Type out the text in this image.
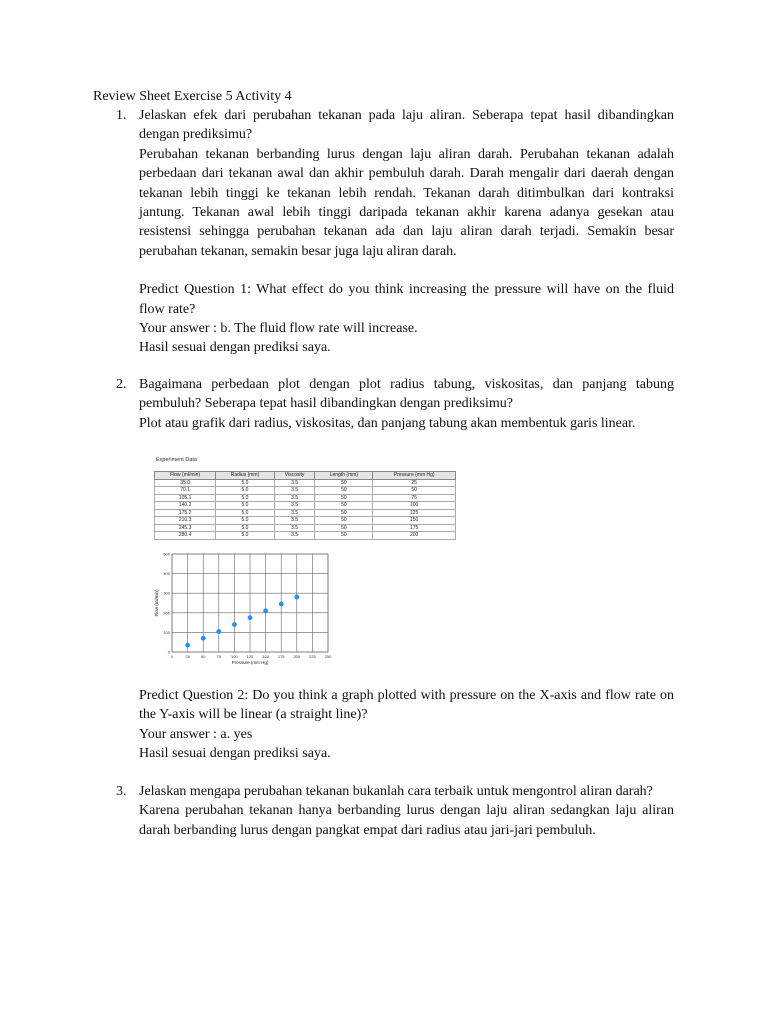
Review Sheet Exercise 5 Activity 4
1. Jelaskan efek dari perubahan tekanan pada laju aliran. Seberapa tepat hasil dibandingkan dengan prediksimu?

Perubahan tekanan berbanding lurus dengan laju aliran darah. Perubahan tekanan adalah perbedaan dari tekanan awal dan akhir pembuluh darah. Darah mengalir dari daerah dengan tekanan lebih tinggi ke tekanan lebih rendah. Tekanan darah ditimbulkan dari kontraksi jantung. Tekanan awal lebih tinggi daripada tekanan akhir karena adanya gesekan atau resistensi sehingga perubahan tekanan ada dan laju aliran darah terjadi. Semakin besar perubahan tekanan, semakin besar juga laju aliran darah.

Predict Question 1: What effect do you think increasing the pressure will have on the fluid flow rate?

Your answer : b. The fluid flow rate will increase.

Hasil sesuai dengan prediksi saya.

2. Bagaimana perbedaan plot dengan plot radius tabung, viskositas, dan panjang tabung pembuluh? Seberapa tepat hasil dibandingkan dengan prediksimu?

Plot atau grafik dari radius, viskositas, dan panjang tabung akan membentuk garis linear.

Experiment Data:
Flow (ml/min)	Radius (mm)	Viscosity	Length (mm)	Pressure (mm Hg)
35.0	5.0	3.5	50	25
70.1	5.0	3.5	50	50
105.1	5.0	3.5	50	75
140.2	5.0	3.5	50	100
175.2	5.0	3.5	50	125
210.3	5.0	3.5	50	150
245.3	5.0	3.5	50	175
280.4	5.0	3.5	50	200
0	25	50	75	100 125 150 175 200 225 250
0
100
200
300
400
500
Pressure (mm Hg)
Flow (ml/min)

Predict Question 2: Do you think a graph plotted with pressure on the X-axis and flow rate on the Y-axis will be linear (a straight line)?

Your answer : a. yes

Hasil sesuai dengan prediksi saya.

3. Jelaskan mengapa perubahan tekanan bukanlah cara terbaik untuk mengontrol aliran darah?

Karena perubahan tekanan hanya berbanding lurus dengan laju aliran sedangkan laju aliran darah berbanding lurus dengan pangkat empat dari radius atau jari-jari pembuluh.
